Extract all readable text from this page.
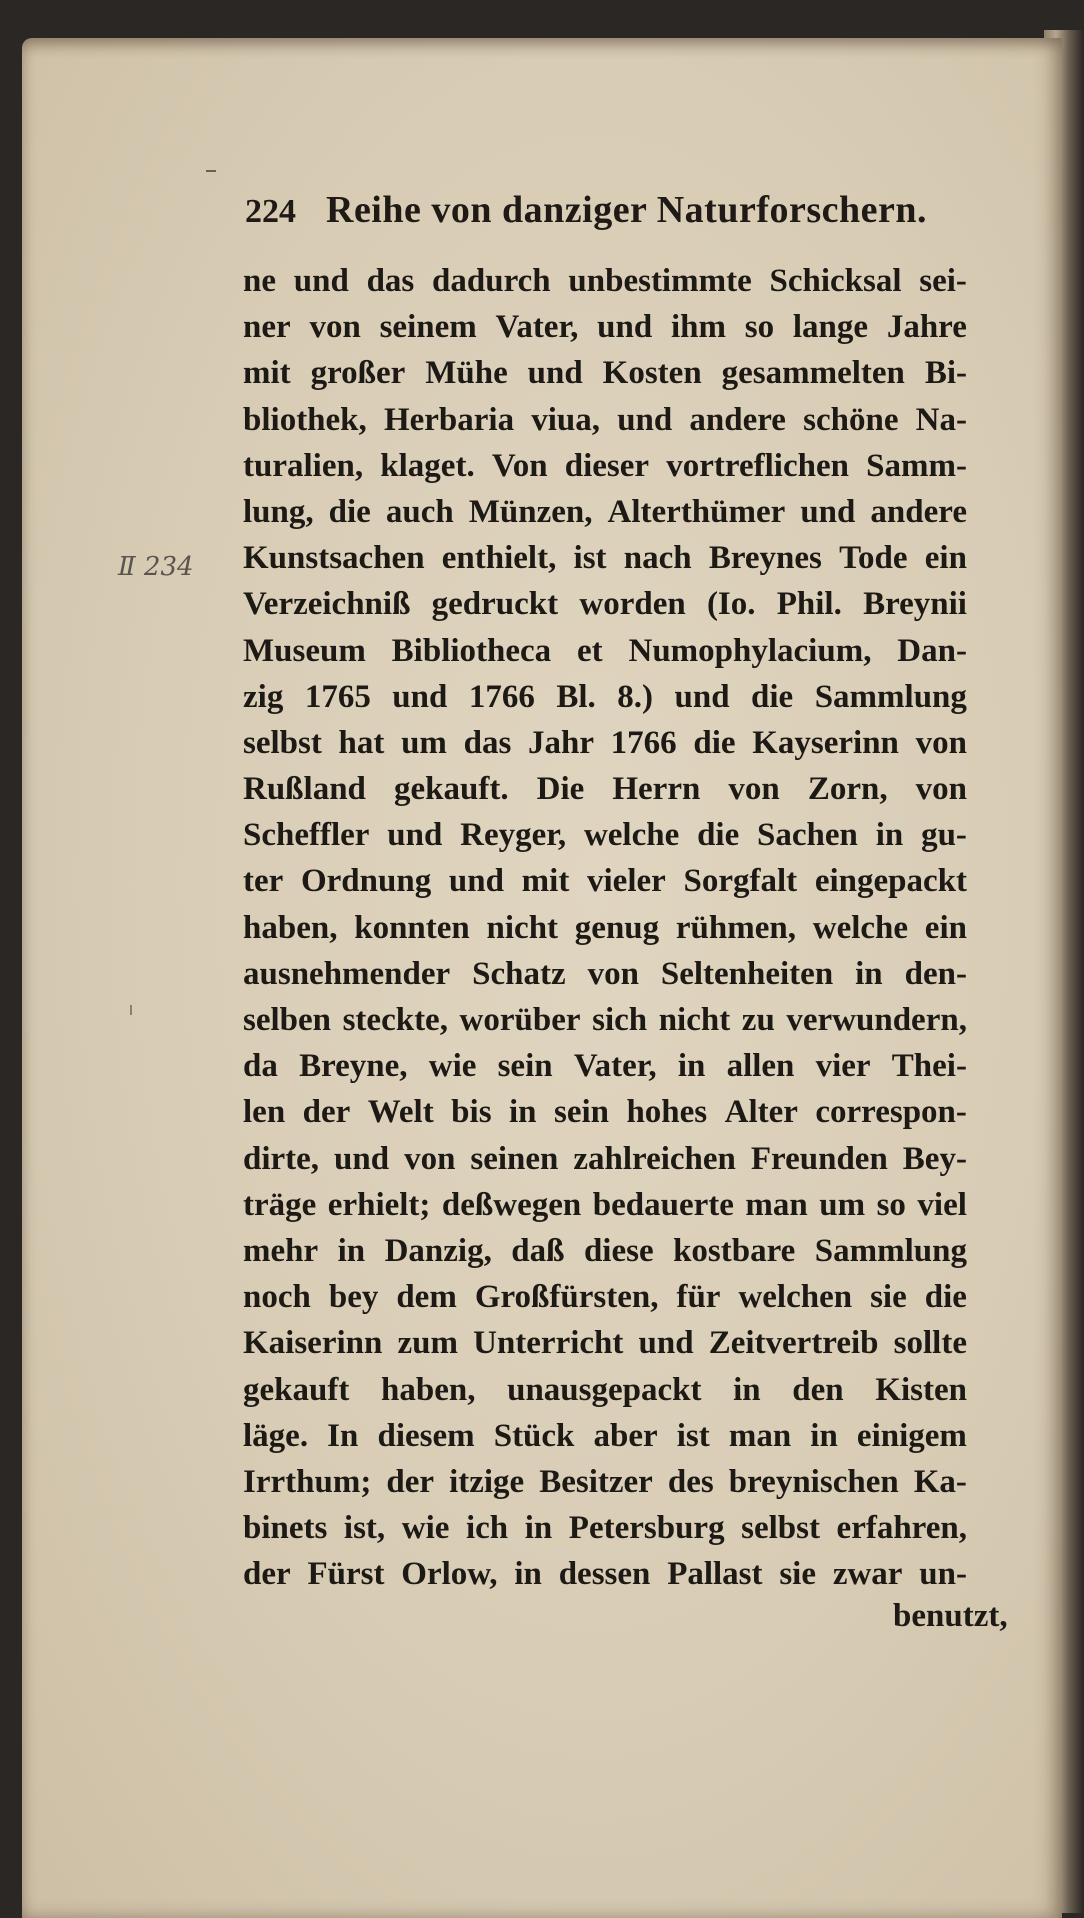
224 Reihe von danziger Naturforschern.
Ⅱ 234
ne und das dadurch unbestimmte Schicksal sei-
ner von seinem Vater, und ihm so lange Jahre
mit großer Mühe und Kosten gesammelten Bi-
bliothek, Herbaria viua, und andere schöne Na-
turalien, klaget. Von dieser vortreflichen Samm-
lung, die auch Münzen, Alterthümer und andere
Kunstsachen enthielt, ist nach Breynes Tode ein
Verzeichniß gedruckt worden (Io. Phil. Breynii
Museum Bibliotheca et Numophylacium, Dan-
zig 1765 und 1766 Bl. 8.) und die Sammlung
selbst hat um das Jahr 1766 die Kayserinn von
Rußland gekauft. Die Herrn von Zorn, von
Scheffler und Reyger, welche die Sachen in gu-
ter Ordnung und mit vieler Sorgfalt eingepackt
haben, konnten nicht genug rühmen, welche ein
ausnehmender Schatz von Seltenheiten in den-
selben steckte, worüber sich nicht zu verwundern,
da Breyne, wie sein Vater, in allen vier Thei-
len der Welt bis in sein hohes Alter correspon-
dirte, und von seinen zahlreichen Freunden Bey-
träge erhielt; deßwegen bedauerte man um so viel
mehr in Danzig, daß diese kostbare Sammlung
noch bey dem Großfürsten, für welchen sie die
Kaiserinn zum Unterricht und Zeitvertreib sollte
gekauft haben, unausgepackt in den Kisten
läge. In diesem Stück aber ist man in einigem
Irrthum; der itzige Besitzer des breynischen Ka-
binets ist, wie ich in Petersburg selbst erfahren,
der Fürst Orlow, in dessen Pallast sie zwar un-
benutzt,
